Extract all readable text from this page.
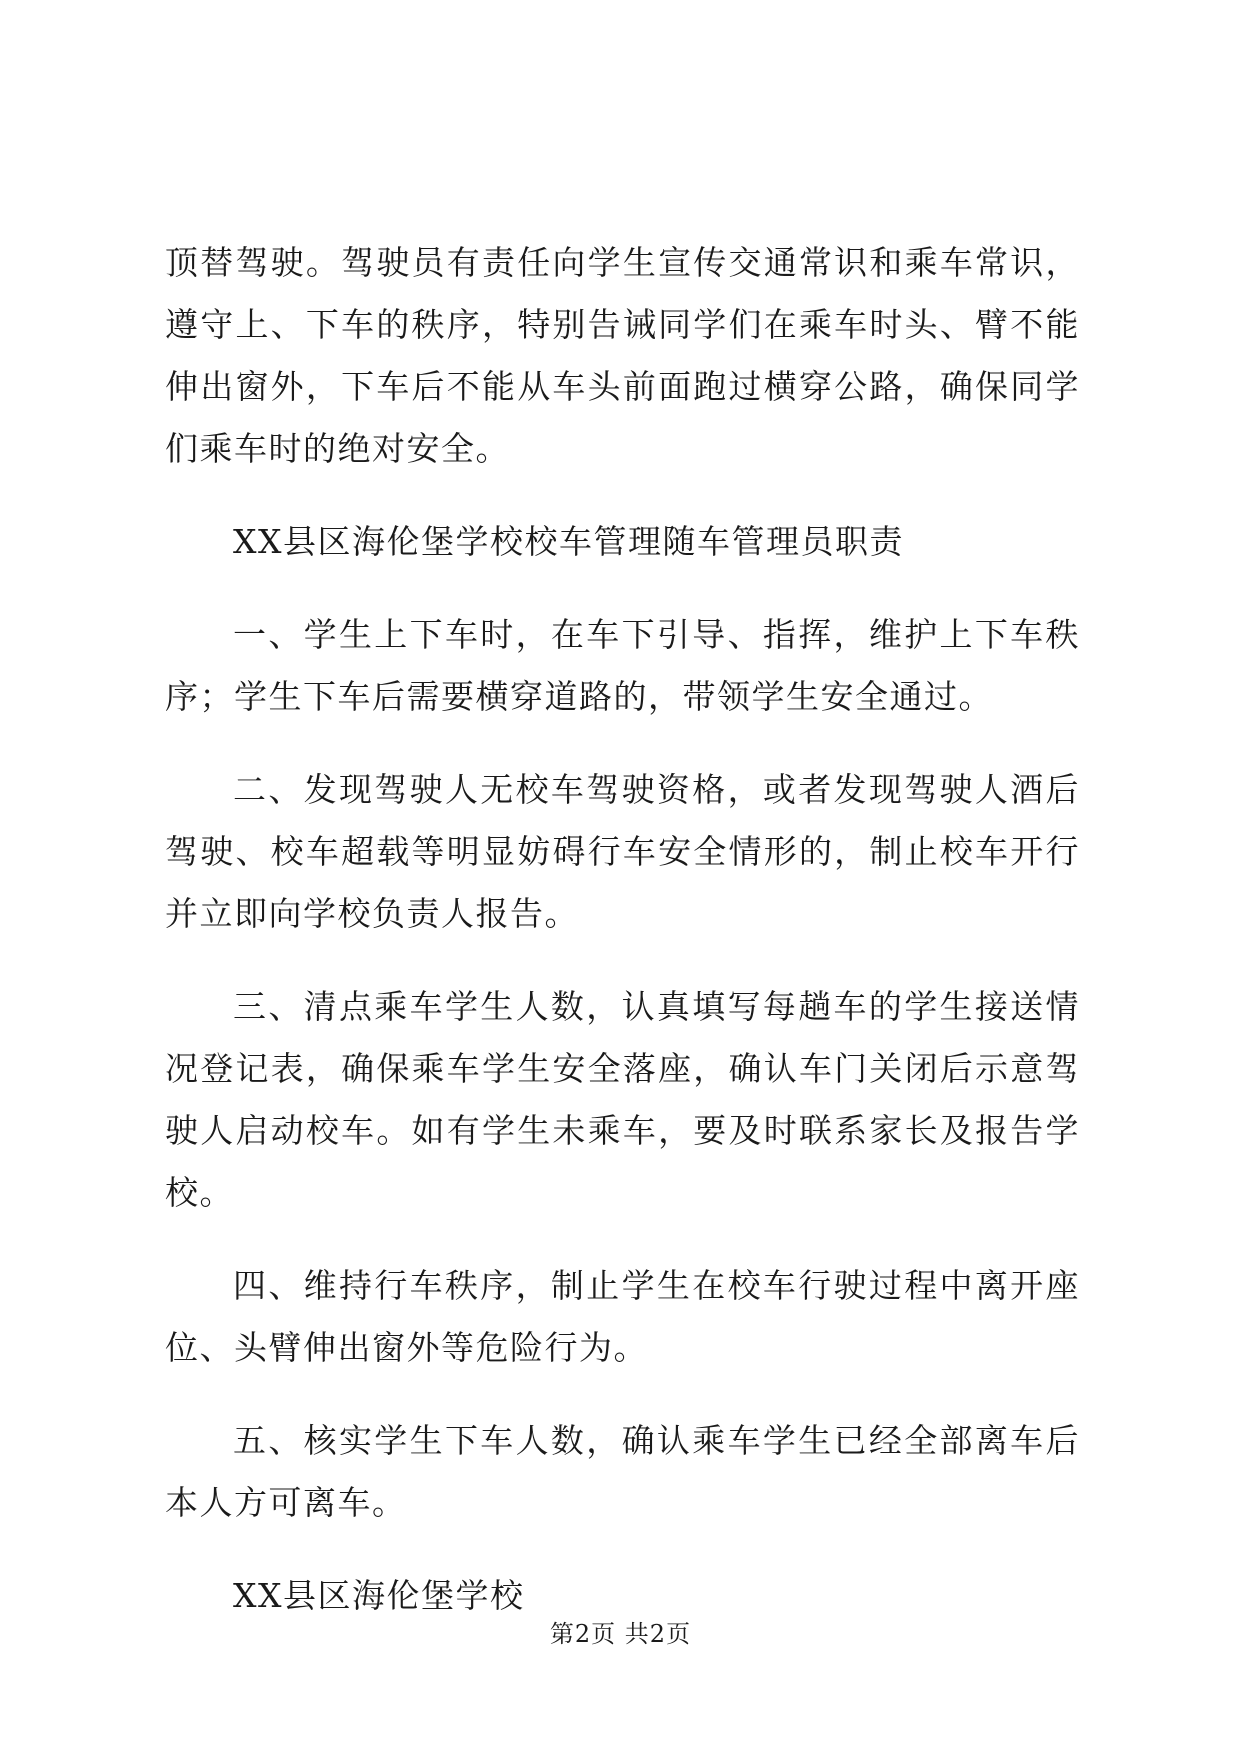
顶替驾驶。驾驶员有责任向学生宣传交通常识和乘车常识，遵守上、下车的秩序，特别告诫同学们在乘车时头、臂不能伸出窗外，下车后不能从车头前面跑过横穿公路，确保同学们乘车时的绝对安全。

XX县区海伦堡学校校车管理随车管理员职责

一、学生上下车时，在车下引导、指挥，维护上下车秩序；学生下车后需要横穿道路的，带领学生安全通过。

二、发现驾驶人无校车驾驶资格，或者发现驾驶人酒后驾驶、校车超载等明显妨碍行车安全情形的，制止校车开行并立即向学校负责人报告。

三、清点乘车学生人数，认真填写每趟车的学生接送情况登记表，确保乘车学生安全落座，确认车门关闭后示意驾驶人启动校车。如有学生未乘车，要及时联系家长及报告学校。

四、维持行车秩序，制止学生在校车行驶过程中离开座位、头臂伸出窗外等危险行为。

五、核实学生下车人数，确认乘车学生已经全部离车后本人方可离车。

XX县区海伦堡学校

第2页 共2页
